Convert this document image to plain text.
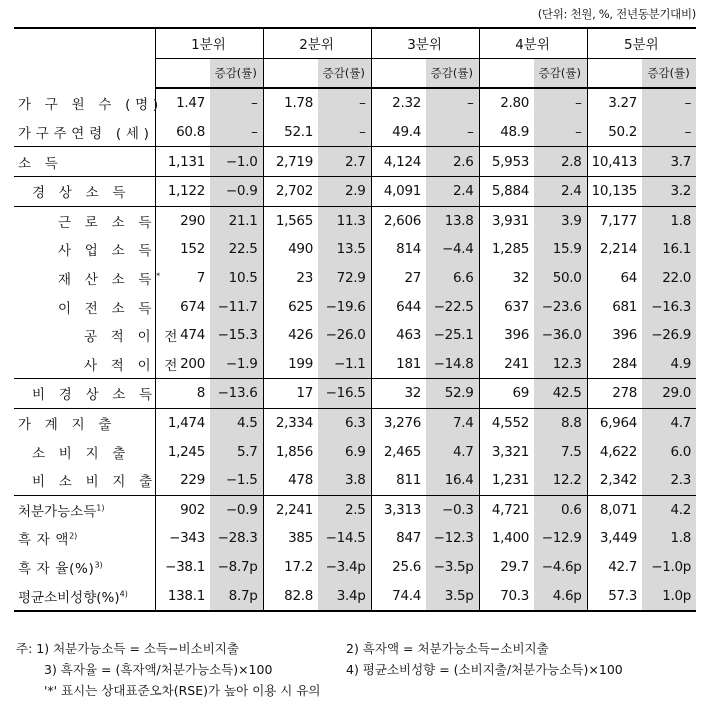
(단위: 천원, %, 전년동분기대비)
	1분위		2분위		3분위		4분위		5분위	
		증감(률)		증감(률)		증감(률)		증감(률)		증감(률)
가 구 원 수 (명)	1.47	–	1.78	–	2.32	–	2.80	–	3.27	–
가구주연령 (세)	60.8	–	52.1	–	49.4	–	48.9	–	50.2	–
소 득	1,131	−1.0	2,719	2.7	4,124	2.6	5,953	2.8	10,413	3.7
경 상 소 득	1,122	−0.9	2,702	2.9	4,091	2.4	5,884	2.4	10,135	3.2
근 로 소 득	290	21.1	1,565	11.3	2,606	13.8	3,931	3.9	7,177	1.8
사 업 소 득	152	22.5	490	13.5	814	−4.4	1,285	15.9	2,214	16.1
재 산 소 득*	7	10.5	23	72.9	27	6.6	32	50.0	64	22.0
이 전 소 득	674	−11.7	625	−19.6	644	−22.5	637	−23.6	681	−16.3
공 적 이 전	474	−15.3	426	−26.0	463	−25.1	396	−36.0	396	−26.9
사 적 이 전	200	−1.9	199	−1.1	181	−14.8	241	12.3	284	4.9
비 경 상 소 득	8	−13.6	17	−16.5	32	52.9	69	42.5	278	29.0
가 계 지 출	1,474	4.5	2,334	6.3	3,276	7.4	4,552	8.8	6,964	4.7
소 비 지 출	1,245	5.7	1,856	6.9	2,465	4.7	3,321	7.5	4,622	6.0
비 소 비 지 출	229	−1.5	478	3.8	811	16.4	1,231	12.2	2,342	2.3
처분가능소득$^{1)}$	902	−0.9	2,241	2.5	3,313	−0.3	4,721	0.6	8,071	4.2
흑 자 액$^{2)}$	−343	−28.3	385	−14.5	847	−12.3	1,400	−12.9	3,449	1.8
흑 자 율(%)$^{3)}$	−38.1	−8.7p	17.2	−3.4p	25.6	−3.5p	29.7	−4.6p	42.7	−1.0p
평균소비성향(%)$^{4)}$	138.1	8.7p	82.8	3.4p	74.4	3.5p	70.3	4.6p	57.3	1.0p
주: 1) 처분가능소득 = 소득−비소비지출	2) 흑자액 = 처분가능소득−소비지출
3) 흑자율 = (흑자액/처분가능소득)×100	4) 평균소비성향 = (소비지출/처분가능소득)×100
'*' 표시는 상대표준오차(RSE)가 높아 이용 시 유의
